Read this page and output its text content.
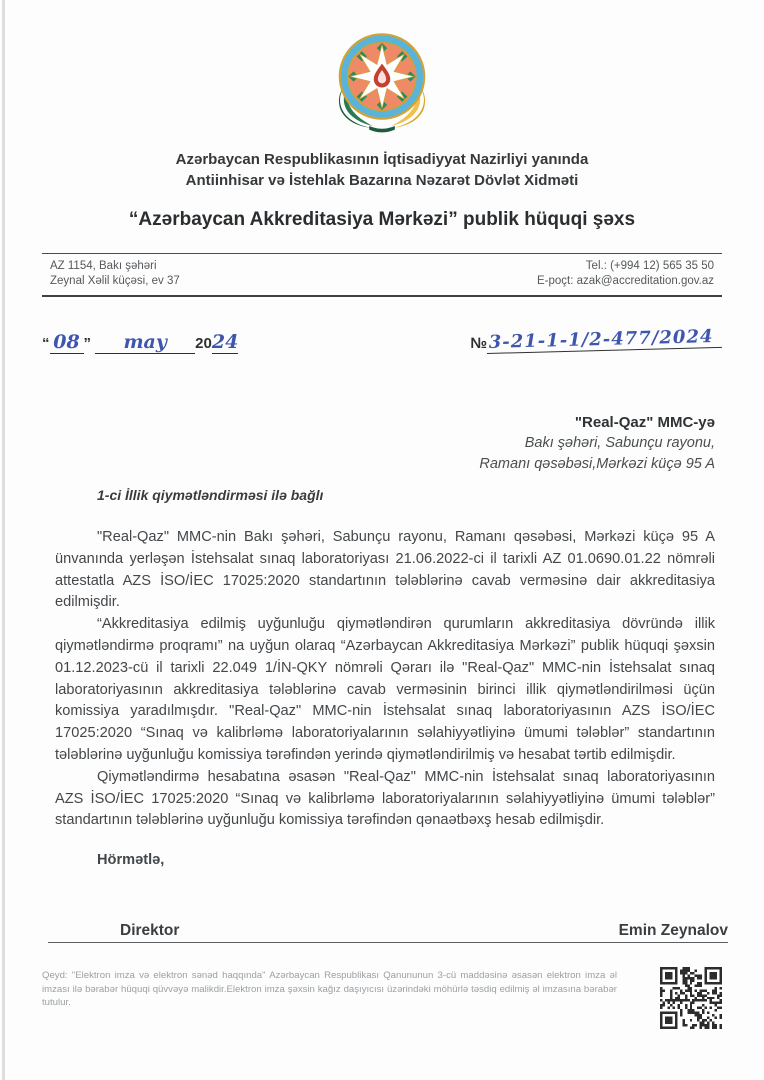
Azərbaycan Respublikasının İqtisadiyyat Nazirliyi yanında
Antiinhisar və İstehlak Bazarına Nəzarət Dövlət Xidməti
“Azərbaycan Akkreditasiya Mərkəzi” publik hüquqi şəxs
AZ 1154, Bakı şəhəri
Zeynal Xəlil küçəsi, ev 37
Tel.: (+994 12) 565 35 50
E-poçt: azak@accreditation.gov.az
“ 08 ” may 2024	№3-21-1-1/2-477/2024
"Real-Qaz" MMC-yə
Bakı şəhəri, Sabunçu rayonu,
Ramanı qəsəbəsi,Mərkəzi küçə 95 A
1-ci İllik qiymətləndirməsi ilə bağlı

"Real-Qaz" MMC-nin Bakı şəhəri, Sabunçu rayonu, Ramanı qəsəbəsi, Mərkəzi küçə 95 A ünvanında yerləşən İstehsalat sınaq laboratoriyası 21.06.2022-ci il tarixli AZ 01.0690.01.22 nömrəli attestatla AZS İSO/İEC 17025:2020 standartının tələblərinə cavab verməsinə dair akkreditasiya edilmişdir.

“Akkreditasiya edilmiş uyğunluğu qiymətləndirən qurumların akkreditasiya dövründə illik qiymətləndirmə proqramı” na uyğun olaraq “Azərbaycan Akkreditasiya Mərkəzi” publik hüquqi şəxsin 01.12.2023-cü il tarixli 22.049 1/İN-QKY nömrəli Qərarı ilə "Real-Qaz" MMC-nin İstehsalat sınaq laboratoriyasının akkreditasiya tələblərinə cavab verməsinin birinci illik qiymətləndirilməsi üçün komissiya yaradılmışdır. "Real-Qaz" MMC-nin İstehsalat sınaq laboratoriyasının AZS İSO/İEC 17025:2020 “Sınaq və kalibrləmə laboratoriyalarının səlahiyyətliyinə ümumi tələblər” standartının tələblərinə uyğunluğu komissiya tərəfindən yerində qiymətləndirilmiş və hesabat tərtib edilmişdir.

Qiymətləndirmə hesabatına əsasən "Real-Qaz" MMC-nin İstehsalat sınaq laboratoriyasının AZS İSO/İEC 17025:2020 “Sınaq və kalibrləmə laboratoriyalarının səlahiyyətliyinə ümumi tələblər” standartının tələblərinə uyğunluğu komissiya tərəfindən qənaətbəxş hesab edilmişdir.

Hörmətlə,
Direktor	Emin Zeynalov
Qeyd: "Elektron imza və elektron sənəd haqqında" Azərbaycan Respublikası Qanununun 3-cü maddəsinə əsasən elektron imza əl imzası ilə bərabər hüquqi qüvvəyə malikdir.Elektron imza şəxsin kağız daşıyıcısı üzərindəki möhürlə təsdiq edilmiş əl imzasına bərabər tutulur.
